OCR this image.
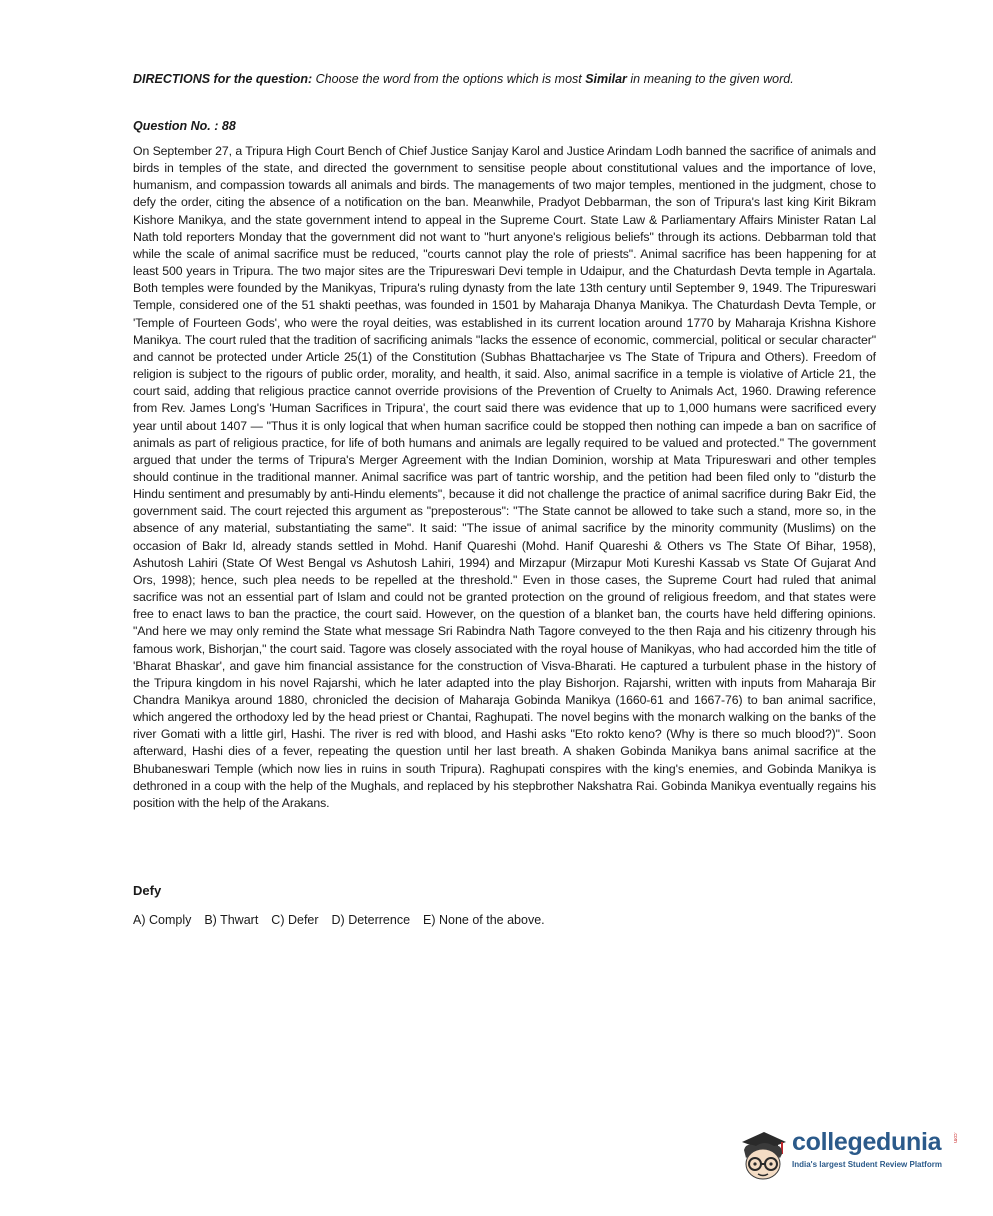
DIRECTIONS for the question: Choose the word from the options which is most Similar in meaning to the given word.
Question No. : 88

On September 27, a Tripura High Court Bench of Chief Justice Sanjay Karol and Justice Arindam Lodh banned the sacrifice of animals and birds in temples of the state, and directed the government to sensitise people about constitutional values and the importance of love, humanism, and compassion towards all animals and birds. The managements of two major temples, mentioned in the judgment, chose to defy the order, citing the absence of a notification on the ban. Meanwhile, Pradyot Debbarman, the son of Tripura's last king Kirit Bikram Kishore Manikya, and the state government intend to appeal in the Supreme Court. State Law & Parliamentary Affairs Minister Ratan Lal Nath told reporters Monday that the government did not want to "hurt anyone's religious beliefs" through its actions. Debbarman told that while the scale of animal sacrifice must be reduced, "courts cannot play the role of priests". Animal sacrifice has been happening for at least 500 years in Tripura. The two major sites are the Tripureswari Devi temple in Udaipur, and the Chaturdash Devta temple in Agartala. Both temples were founded by the Manikyas, Tripura's ruling dynasty from the late 13th century until September 9, 1949. The Tripureswari Temple, considered one of the 51 shakti peethas, was founded in 1501 by Maharaja Dhanya Manikya. The Chaturdash Devta Temple, or 'Temple of Fourteen Gods', who were the royal deities, was established in its current location around 1770 by Maharaja Krishna Kishore Manikya. The court ruled that the tradition of sacrificing animals "lacks the essence of economic, commercial, political or secular character" and cannot be protected under Article 25(1) of the Constitution (Subhas Bhattacharjee vs The State of Tripura and Others). Freedom of religion is subject to the rigours of public order, morality, and health, it said. Also, animal sacrifice in a temple is violative of Article 21, the court said, adding that religious practice cannot override provisions of the Prevention of Cruelty to Animals Act, 1960. Drawing reference from Rev. James Long's 'Human Sacrifices in Tripura', the court said there was evidence that up to 1,000 humans were sacrificed every year until about 1407 — "Thus it is only logical that when human sacrifice could be stopped then nothing can impede a ban on sacrifice of animals as part of religious practice, for life of both humans and animals are legally required to be valued and protected." The government argued that under the terms of Tripura's Merger Agreement with the Indian Dominion, worship at Mata Tripureswari and other temples should continue in the traditional manner. Animal sacrifice was part of tantric worship, and the petition had been filed only to "disturb the Hindu sentiment and presumably by anti-Hindu elements", because it did not challenge the practice of animal sacrifice during Bakr Eid, the government said. The court rejected this argument as "preposterous": "The State cannot be allowed to take such a stand, more so, in the absence of any material, substantiating the same". It said: "The issue of animal sacrifice by the minority community (Muslims) on the occasion of Bakr Id, already stands settled in Mohd. Hanif Quareshi (Mohd. Hanif Quareshi & Others vs The State Of Bihar, 1958), Ashutosh Lahiri (State Of West Bengal vs Ashutosh Lahiri, 1994) and Mirzapur (Mirzapur Moti Kureshi Kassab vs State Of Gujarat And Ors, 1998); hence, such plea needs to be repelled at the threshold." Even in those cases, the Supreme Court had ruled that animal sacrifice was not an essential part of Islam and could not be granted protection on the ground of religious freedom, and that states were free to enact laws to ban the practice, the court said. However, on the question of a blanket ban, the courts have held differing opinions. "And here we may only remind the State what message Sri Rabindra Nath Tagore conveyed to the then Raja and his citizenry through his famous work, Bishorjan," the court said. Tagore was closely associated with the royal house of Manikyas, who had accorded him the title of 'Bharat Bhaskar', and gave him financial assistance for the construction of Visva-Bharati. He captured a turbulent phase in the history of the Tripura kingdom in his novel Rajarshi, which he later adapted into the play Bishorjon. Rajarshi, written with inputs from Maharaja Bir Chandra Manikya around 1880, chronicled the decision of Maharaja Gobinda Manikya (1660-61 and 1667-76) to ban animal sacrifice, which angered the orthodoxy led by the head priest or Chantai, Raghupati. The novel begins with the monarch walking on the banks of the river Gomati with a little girl, Hashi. The river is red with blood, and Hashi asks "Eto rokto keno? (Why is there so much blood?)". Soon afterward, Hashi dies of a fever, repeating the question until her last breath. A shaken Gobinda Manikya bans animal sacrifice at the Bhubaneswari Temple (which now lies in ruins in south Tripura). Raghupati conspires with the king's enemies, and Gobinda Manikya is dethroned in a coup with the help of the Mughals, and replaced by his stepbrother Nakshatra Rai. Gobinda Manikya eventually regains his position with the help of the Arakans.

Defy
A) Comply B) Thwart C) Defer D) Deterrence E) None of the above.
collegedunia .com
India's largest Student Review Platform
